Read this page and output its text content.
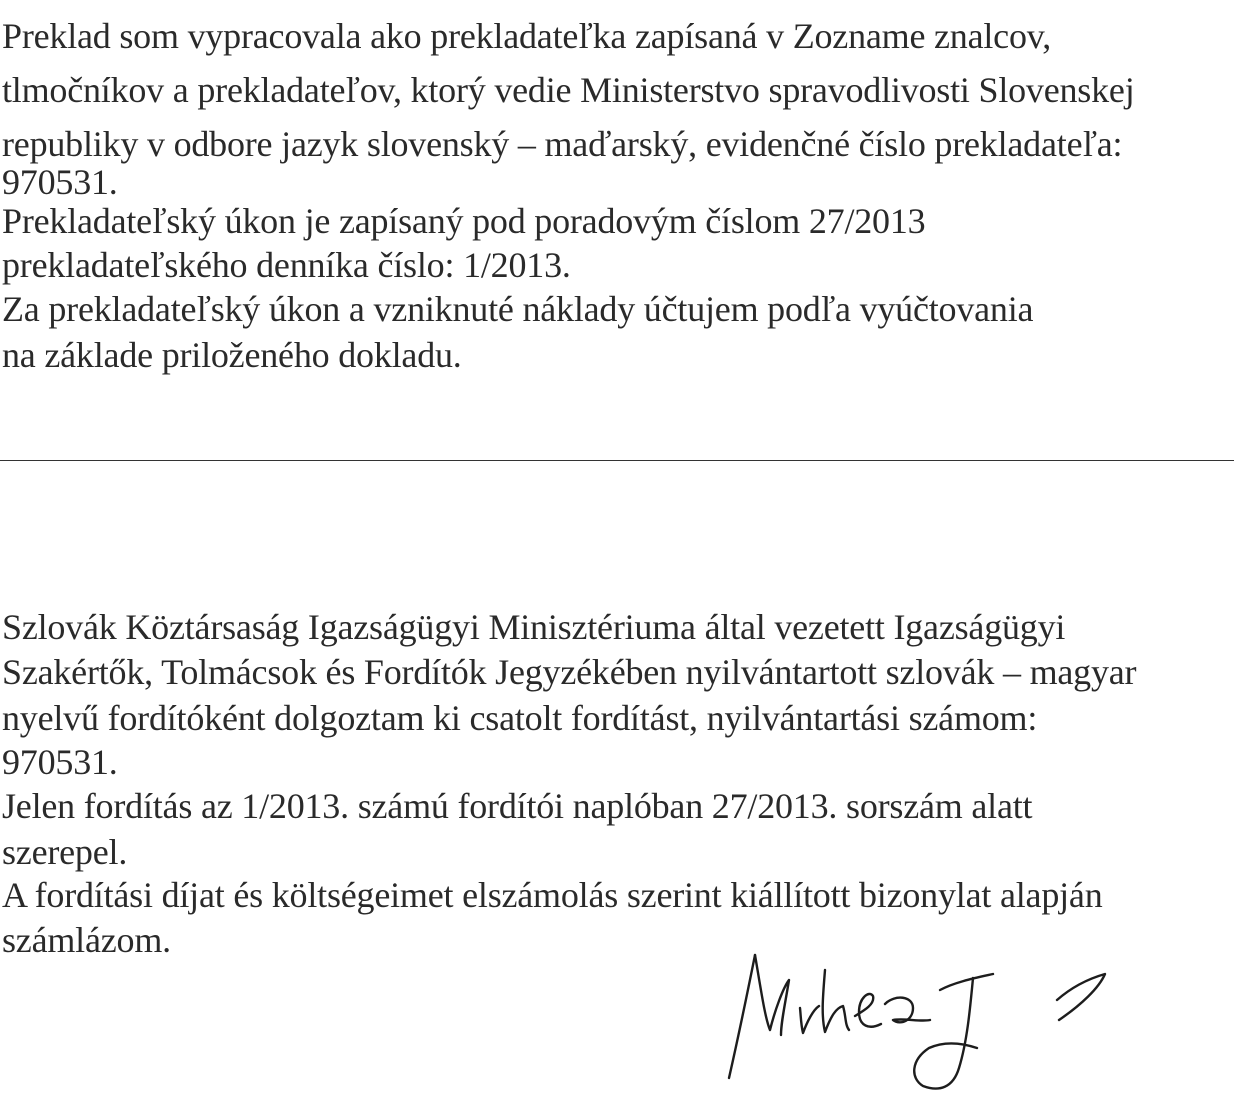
Preklad som vypracovala ako prekladateľka zapísaná v Zozname znalcov,
tlmočníkov a prekladateľov, ktorý vedie Ministerstvo spravodlivosti Slovenskej
republiky v odbore jazyk slovenský – maďarský, evidenčné číslo prekladateľa:
970531.
Prekladateľský úkon je zapísaný pod poradovým číslom 27/2013
prekladateľského denníka číslo: 1/2013.
Za prekladateľský úkon a vzniknuté náklady účtujem podľa vyúčtovania
na základe priloženého dokladu.
Szlovák Köztársaság Igazságügyi Minisztériuma által vezetett Igazságügyi
Szakértők, Tolmácsok és Fordítók Jegyzékében nyilvántartott szlovák – magyar
nyelvű fordítóként dolgoztam ki csatolt fordítást, nyilvántartási számom:
970531.
Jelen fordítás az 1/2013. számú fordítói naplóban 27/2013. sorszám alatt
szerepel.
A fordítási díjat és költségeimet elszámolás szerint kiállított bizonylat alapján
számlázom.
